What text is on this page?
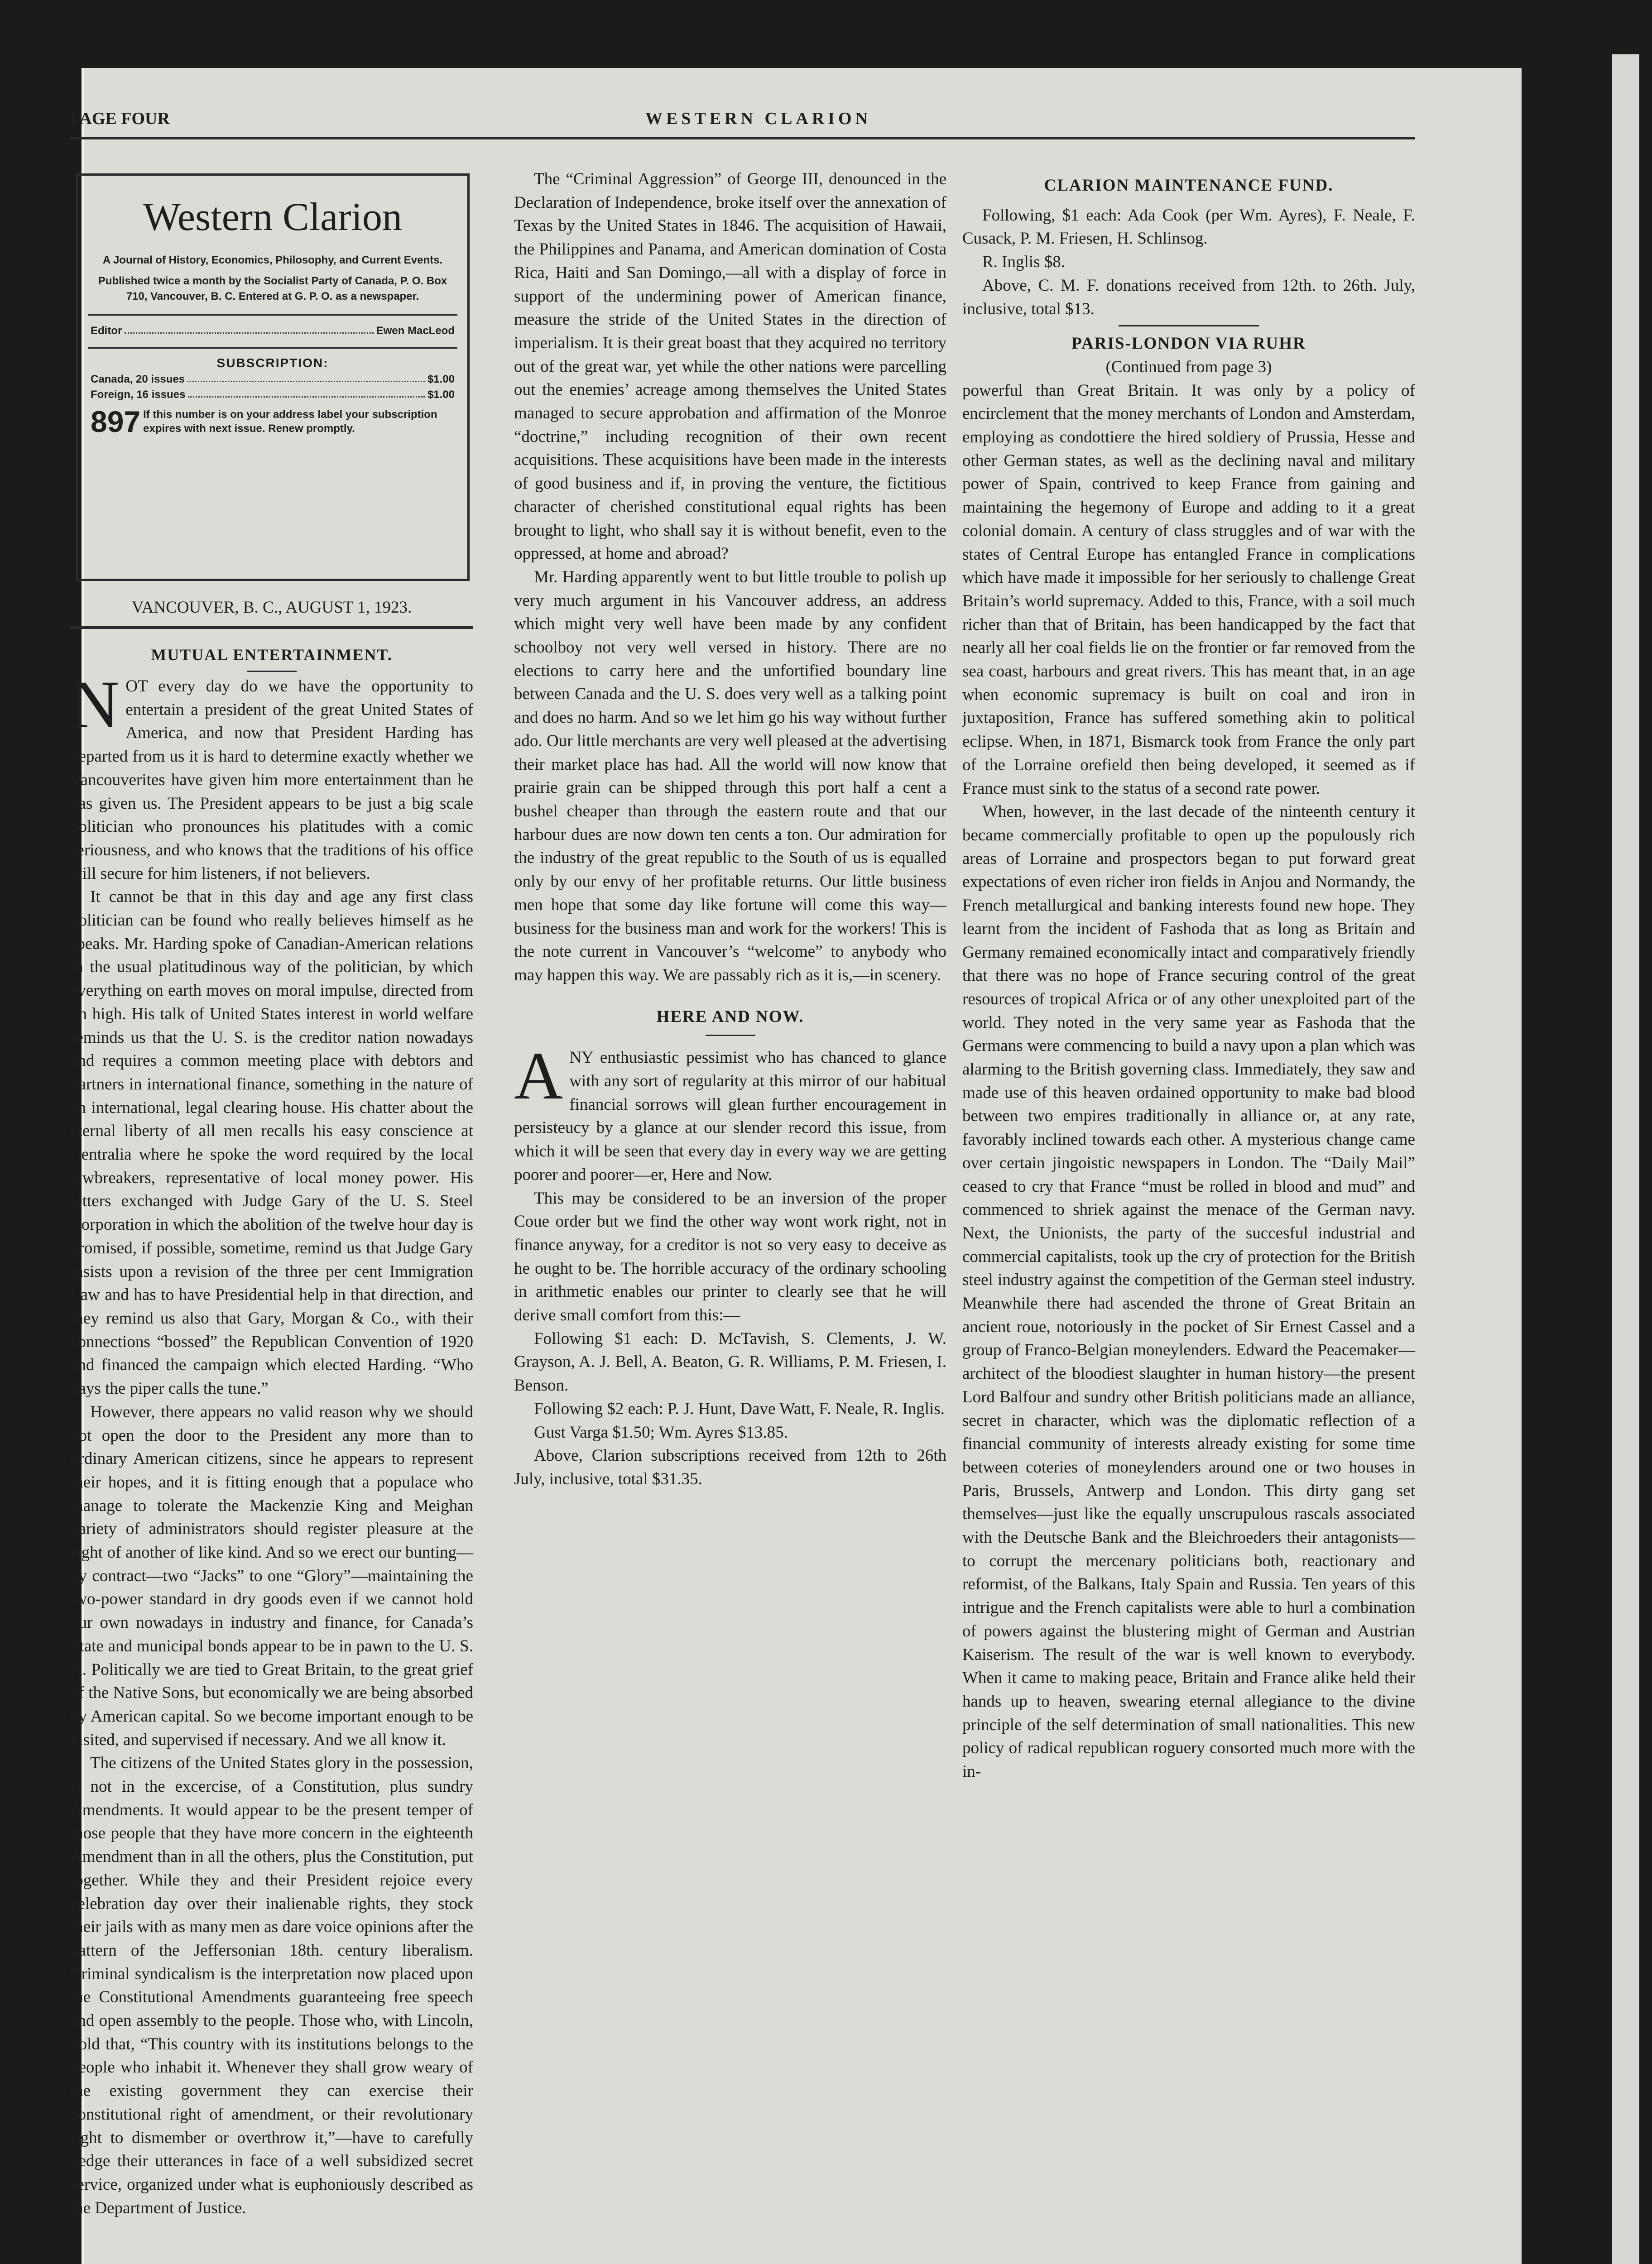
PAGE FOUR	WESTERN CLARION
Western Clarion
A Journal of History, Economics, Philosophy, and Current Events.
Published twice a month by the Socialist Party of Canada, P. O. Box 710, Vancouver, B. C. Entered at G. P. O. as a newspaper.
Editor	Ewen MacLeod
SUBSCRIPTION:
Canada, 20 issues	$1.00
Foreign, 16 issues	$1.00
897 If this number is on your address label your subscription expires with next issue. Renew promptly.
VANCOUVER, B. C., AUGUST 1, 1923.
MUTUAL ENTERTAINMENT.

NOT every day do we have the opportunity to entertain a president of the great United States of America, and now that President Harding has departed from us it is hard to determine exactly whether we Vancouverites have given him more entertainment than he has given us. The President appears to be just a big scale politician who pronounces his platitudes with a comic seriousness, and who knows that the traditions of his office will secure for him listeners, if not believers.

It cannot be that in this day and age any first class politician can be found who really believes himself as he speaks. Mr. Harding spoke of Canadian-American relations in the usual platitudinous way of the politician, by which everything on earth moves on moral impulse, directed from on high. His talk of United States interest in world welfare reminds us that the U. S. is the creditor nation nowadays and requires a common meeting place with debtors and partners in international finance, something in the nature of an international, legal clearing house. His chatter about the eternal liberty of all men recalls his easy conscience at Centralia where he spoke the word required by the local lawbreakers, representative of local money power. His letters exchanged with Judge Gary of the U. S. Steel Corporation in which the abolition of the twelve hour day is promised, if possible, sometime, remind us that Judge Gary insists upon a revision of the three per cent Immigration Law and has to have Presidential help in that direction, and they remind us also that Gary, Morgan & Co., with their connections “bossed” the Republican Convention of 1920 and financed the campaign which elected Harding. “Who pays the piper calls the tune.”

However, there appears no valid reason why we should not open the door to the President any more than to ordinary American citizens, since he appears to represent their hopes, and it is fitting enough that a populace who manage to tolerate the Mackenzie King and Meighan variety of administrators should register pleasure at the sight of another of like kind. And so we erect our bunting—by contract—two “Jacks” to one “Glory”—maintaining the two-power standard in dry goods even if we cannot hold our own nowadays in industry and finance, for Canada’s State and municipal bonds appear to be in pawn to the U. S. A. Politically we are tied to Great Britain, to the great grief of the Native Sons, but economically we are being absorbed by American capital. So we become important enough to be visited, and supervised if necessary. And we all know it.

The citizens of the United States glory in the possession, if not in the excercise, of a Constitution, plus sundry Amendments. It would appear to be the present temper of those people that they have more concern in the eighteenth Amendment than in all the others, plus the Constitution, put together. While they and their President rejoice every celebration day over their inalienable rights, they stock their jails with as many men as dare voice opinions after the pattern of the Jeffersonian 18th. century liberalism. Criminal syndicalism is the interpretation now placed upon the Constitutional Amendments guaranteeing free speech and open assembly to the people. Those who, with Lincoln, hold that, “This country with its institutions belongs to the people who inhabit it. Whenever they shall grow weary of the existing government they can exercise their constitutional right of amendment, or their revolutionary right to dismember or overthrow it,”—have to carefully hedge their utterances in face of a well subsidized secret service, organized under what is euphoniously described as the Department of Justice.

The “Criminal Aggression” of George III, denounced in the Declaration of Independence, broke itself over the annexation of Texas by the United States in 1846. The acquisition of Hawaii, the Philippines and Panama, and American domination of Costa Rica, Haiti and San Domingo,—all with a display of force in support of the undermining power of American finance, measure the stride of the United States in the direction of imperialism. It is their great boast that they acquired no territory out of the great war, yet while the other nations were parcelling out the enemies’ acreage among themselves the United States managed to secure approbation and affirmation of the Monroe “doctrine,” including recognition of their own recent acquisitions. These acquisitions have been made in the interests of good business and if, in proving the venture, the fictitious character of cherished constitutional equal rights has been brought to light, who shall say it is without benefit, even to the oppressed, at home and abroad?

Mr. Harding apparently went to but little trouble to polish up very much argument in his Vancouver address, an address which might very well have been made by any confident schoolboy not very well versed in history. There are no elections to carry here and the unfortified boundary line between Canada and the U. S. does very well as a talking point and does no harm. And so we let him go his way without further ado. Our little merchants are very well pleased at the advertising their market place has had. All the world will now know that prairie grain can be shipped through this port half a cent a bushel cheaper than through the eastern route and that our harbour dues are now down ten cents a ton. Our admiration for the industry of the great republic to the South of us is equalled only by our envy of her profitable returns. Our little business men hope that some day like fortune will come this way—business for the business man and work for the workers! This is the note current in Vancouver’s “welcome” to anybody who may happen this way. We are passably rich as it is,—in scenery.

HERE AND NOW.

ANY enthusiastic pessimist who has chanced to glance with any sort of regularity at this mirror of our habitual financial sorrows will glean further encouragement in persisteucy by a glance at our slender record this issue, from which it will be seen that every day in every way we are getting poorer and poorer—er, Here and Now.

This may be considered to be an inversion of the proper Coue order but we find the other way wont work right, not in finance anyway, for a creditor is not so very easy to deceive as he ought to be. The horrible accuracy of the ordinary schooling in arithmetic enables our printer to clearly see that he will derive small comfort from this:—

Following $1 each: D. McTavish, S. Clements, J. W. Grayson, A. J. Bell, A. Beaton, G. R. Williams, P. M. Friesen, I. Benson.

Following $2 each: P. J. Hunt, Dave Watt, F. Neale, R. Inglis.

Gust Varga $1.50; Wm. Ayres $13.85.

Above, Clarion subscriptions received from 12th to 26th July, inclusive, total $31.35.

CLARION MAINTENANCE FUND.

Following, $1 each: Ada Cook (per Wm. Ayres), F. Neale, F. Cusack, P. M. Friesen, H. Schlinsog.

R. Inglis $8.

Above, C. M. F. donations received from 12th. to 26th. July, inclusive, total $13.

PARIS-LONDON VIA RUHR

(Continued from page 3)

powerful than Great Britain. It was only by a policy of encirclement that the money merchants of London and Amsterdam, employing as condottiere the hired soldiery of Prussia, Hesse and other German states, as well as the declining naval and military power of Spain, contrived to keep France from gaining and maintaining the hegemony of Europe and adding to it a great colonial domain. A century of class struggles and of war with the states of Central Europe has entangled France in complications which have made it impossible for her seriously to challenge Great Britain’s world supremacy. Added to this, France, with a soil much richer than that of Britain, has been handicapped by the fact that nearly all her coal fields lie on the frontier or far removed from the sea coast, harbours and great rivers. This has meant that, in an age when economic supremacy is built on coal and iron in juxtaposition, France has suffered something akin to political eclipse. When, in 1871, Bismarck took from France the only part of the Lorraine orefield then being developed, it seemed as if France must sink to the status of a second rate power.

When, however, in the last decade of the ninteenth century it became commercially profitable to open up the populously rich areas of Lorraine and prospectors began to put forward great expectations of even richer iron fields in Anjou and Normandy, the French metallurgical and banking interests found new hope. They learnt from the incident of Fashoda that as long as Britain and Germany remained economically intact and comparatively friendly that there was no hope of France securing control of the great resources of tropical Africa or of any other unexploited part of the world. They noted in the very same year as Fashoda that the Germans were commencing to build a navy upon a plan which was alarming to the British governing class. Immediately, they saw and made use of this heaven ordained opportunity to make bad blood between two empires traditionally in alliance or, at any rate, favorably inclined towards each other. A mysterious change came over certain jingoistic newspapers in London. The “Daily Mail” ceased to cry that France “must be rolled in blood and mud” and commenced to shriek against the menace of the German navy. Next, the Unionists, the party of the succesful industrial and commercial capitalists, took up the cry of protection for the British steel industry against the competition of the German steel industry. Meanwhile there had ascended the throne of Great Britain an ancient roue, notoriously in the pocket of Sir Ernest Cassel and a group of Franco-Belgian moneylenders. Edward the Peacemaker—architect of the bloodiest slaughter in human history—the present Lord Balfour and sundry other British politicians made an alliance, secret in character, which was the diplomatic reflection of a financial community of interests already existing for some time between coteries of moneylenders around one or two houses in Paris, Brussels, Antwerp and London. This dirty gang set themselves—just like the equally unscrupulous rascals associated with the Deutsche Bank and the Bleichroeders their antagonists—to corrupt the mercenary politicians both, reactionary and reformist, of the Balkans, Italy Spain and Russia. Ten years of this intrigue and the French capitalists were able to hurl a combination of powers against the blustering might of German and Austrian Kaiserism. The result of the war is well known to everybody. When it came to making peace, Britain and France alike held their hands up to heaven, swearing eternal allegiance to the divine principle of the self determination of small nationalities. This new policy of radical republican roguery consorted much more with the in-
